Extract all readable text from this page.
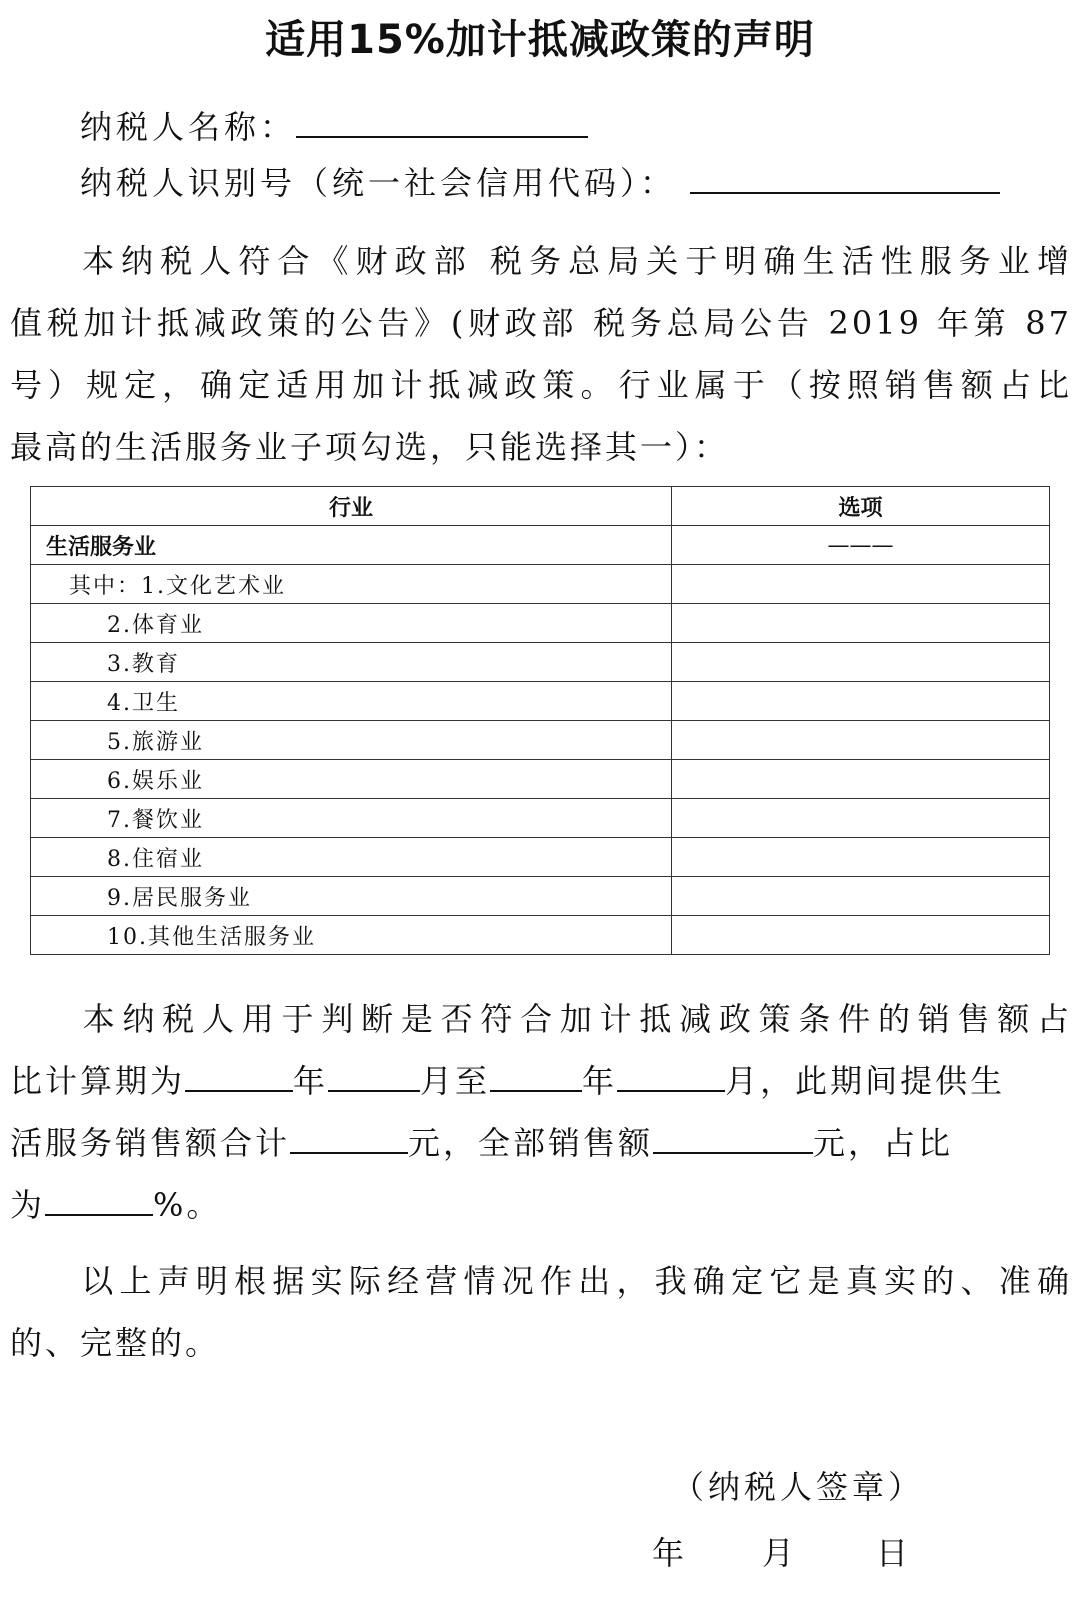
适用15%加计抵减政策的声明
纳税人名称：
纳税人识别号（统一社会信用代码）：
本纳税人符合《财政部 税务总局关于明确生活性服务业增
值税加计抵减政策的公告》(财政部 税务总局公告 2019 年第 87
号）规定，确定适用加计抵减政策。行业属于（按照销售额占比
最高的生活服务业子项勾选，只能选择其一）：
行业	选项
生活服务业	———
其中：1.文化艺术业	
2.体育业	
3.教育	
4.卫生	
5.旅游业	
6.娱乐业	
7.餐饮业	
8.住宿业	
9.居民服务业	
10.其他生活服务业	
本纳税人用于判断是否符合加计抵减政策条件的销售额占
比计算期为	年	月至	年	月，此期间提供生
活服务销售额合计	元，全部销售额	元，占比
为	%。
以上声明根据实际经营情况作出，我确定它是真实的、准确
的、完整的。
（纳税人签章）
年 月 日
